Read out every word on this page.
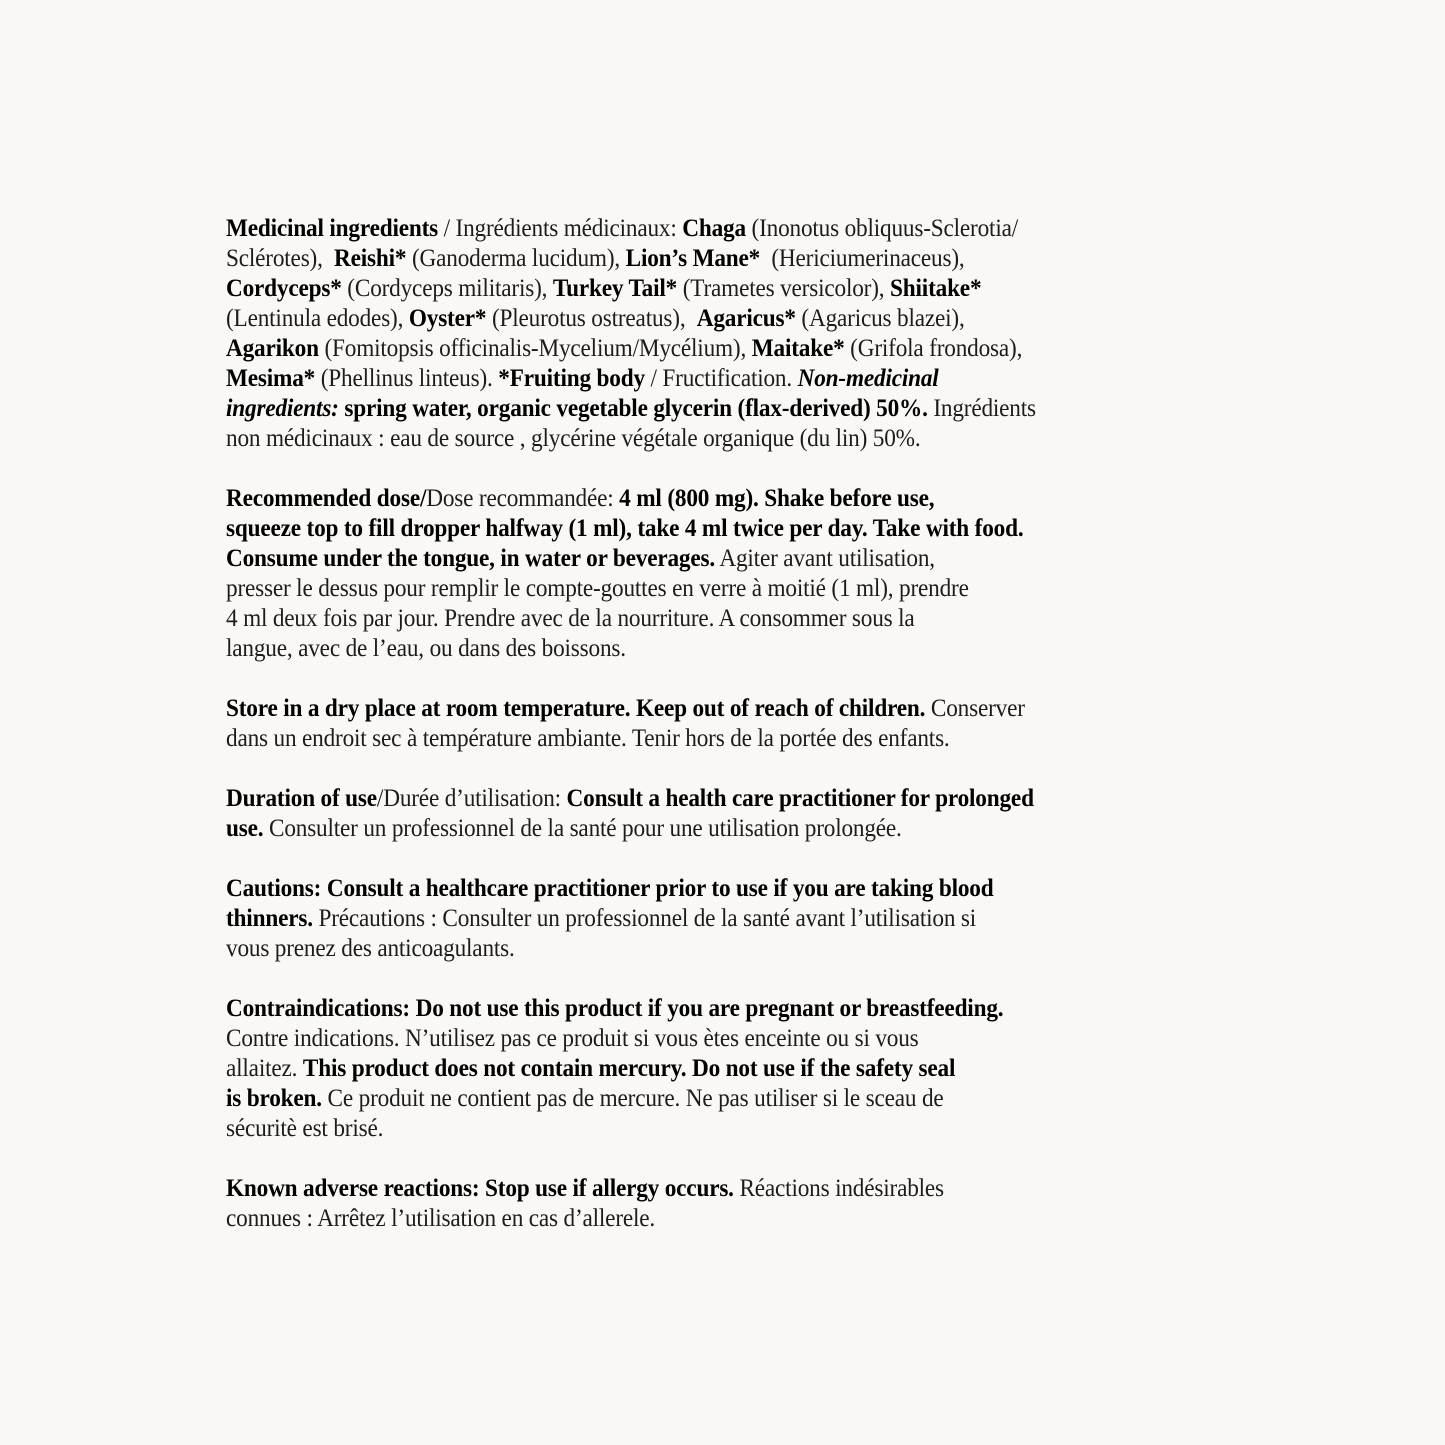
Medicinal ingredients / Ingrédients médicinaux: Chaga (Inonotus obliquus-Sclerotia/
Sclérotes),  Reishi* (Ganoderma lucidum), Lion’s Mane*  (Hericiumerinaceus),
Cordyceps* (Cordyceps militaris), Turkey Tail* (Trametes versicolor), Shiitake*
(Lentinula edodes), Oyster* (Pleurotus ostreatus),  Agaricus* (Agaricus blazei),
Agarikon (Fomitopsis officinalis-Mycelium/Mycélium), Maitake* (Grifola frondosa),
Mesima* (Phellinus linteus). *Fruiting body / Fructification. Non-medicinal
ingredients: spring water, organic vegetable glycerin (flax-derived) 50%. Ingrédients
non médicinaux : eau de source , glycérine végétale organique (du lin) 50%.
Recommended dose/Dose recommandée: 4 ml (800 mg). Shake before use,
squeeze top to fill dropper halfway (1 ml), take 4 ml twice per day. Take with food.
Consume under the tongue, in water or beverages. Agiter avant utilisation,
presser le dessus pour remplir le compte-gouttes en verre à moitié (1 ml), prendre
4 ml deux fois par jour. Prendre avec de la nourriture. A consommer sous la
langue, avec de l’eau, ou dans des boissons.
Store in a dry place at room temperature. Keep out of reach of children. Conserver
dans un endroit sec à température ambiante. Tenir hors de la portée des enfants.
Duration of use/Durée d’utilisation: Consult a health care practitioner for prolonged
use. Consulter un professionnel de la santé pour une utilisation prolongée.
Cautions: Consult a healthcare practitioner prior to use if you are taking blood
thinners. Précautions : Consulter un professionnel de la santé avant l’utilisation si
vous prenez des anticoagulants.
Contraindications: Do not use this product if you are pregnant or breastfeeding.
Contre indications. N’utilisez pas ce produit si vous ètes enceinte ou si vous
allaitez. This product does not contain mercury. Do not use if the safety seal
is broken. Ce produit ne contient pas de mercure. Ne pas utiliser si le sceau de
sécuritè est brisé.
Known adverse reactions: Stop use if allergy occurs. Réactions indésirables
connues : Arrêtez l’utilisation en cas d’allerele.
